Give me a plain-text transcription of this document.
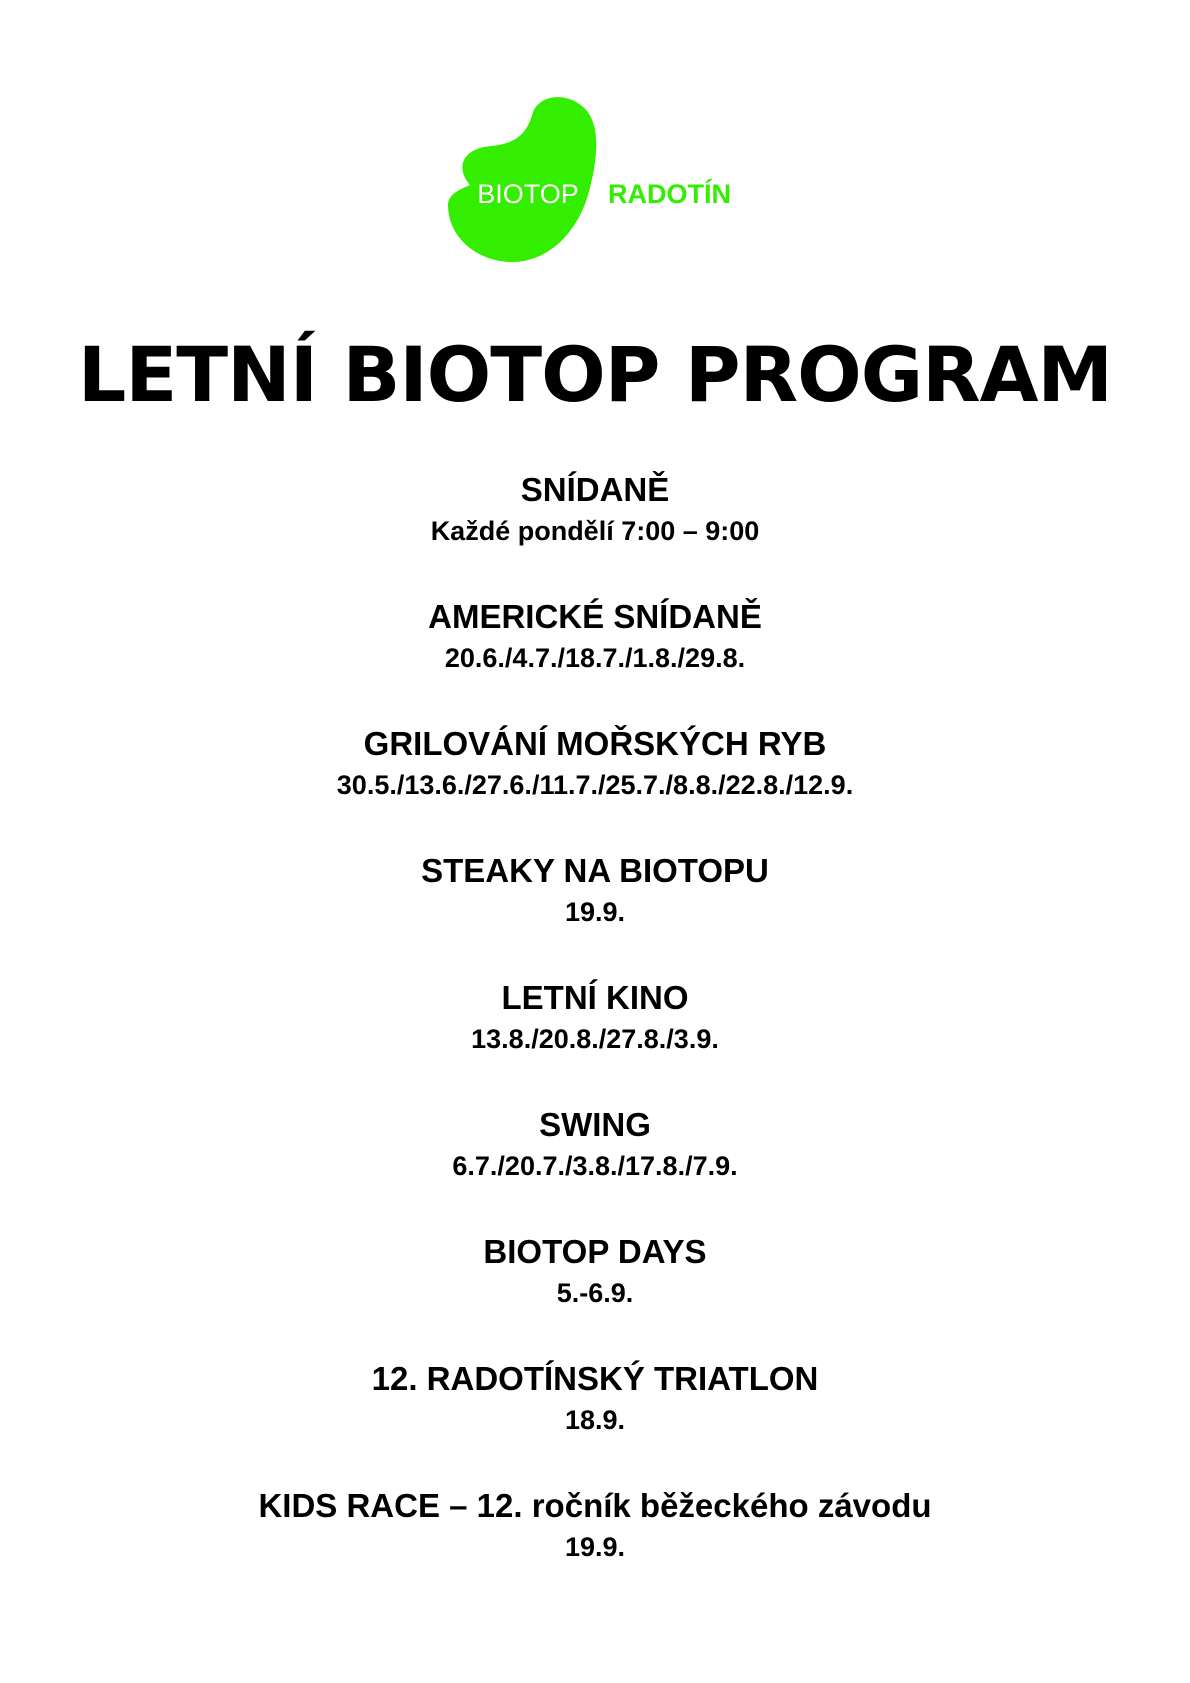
BIOTOP	RADOTÍN
LETNÍ BIOTOP PROGRAM
SNÍDANĚ
Každé pondělí 7:00 – 9:00
AMERICKÉ SNÍDANĚ
20.6./4.7./18.7./1.8./29.8.
GRILOVÁNÍ MOŘSKÝCH RYB
30.5./13.6./27.6./11.7./25.7./8.8./22.8./12.9.
STEAKY NA BIOTOPU
19.9.
LETNÍ KINO
13.8./20.8./27.8./3.9.
SWING
6.7./20.7./3.8./17.8./7.9.
BIOTOP DAYS
5.-6.9.
12. RADOTÍNSKÝ TRIATLON
18.9.
KIDS RACE – 12. ročník běžeckého závodu
19.9.
